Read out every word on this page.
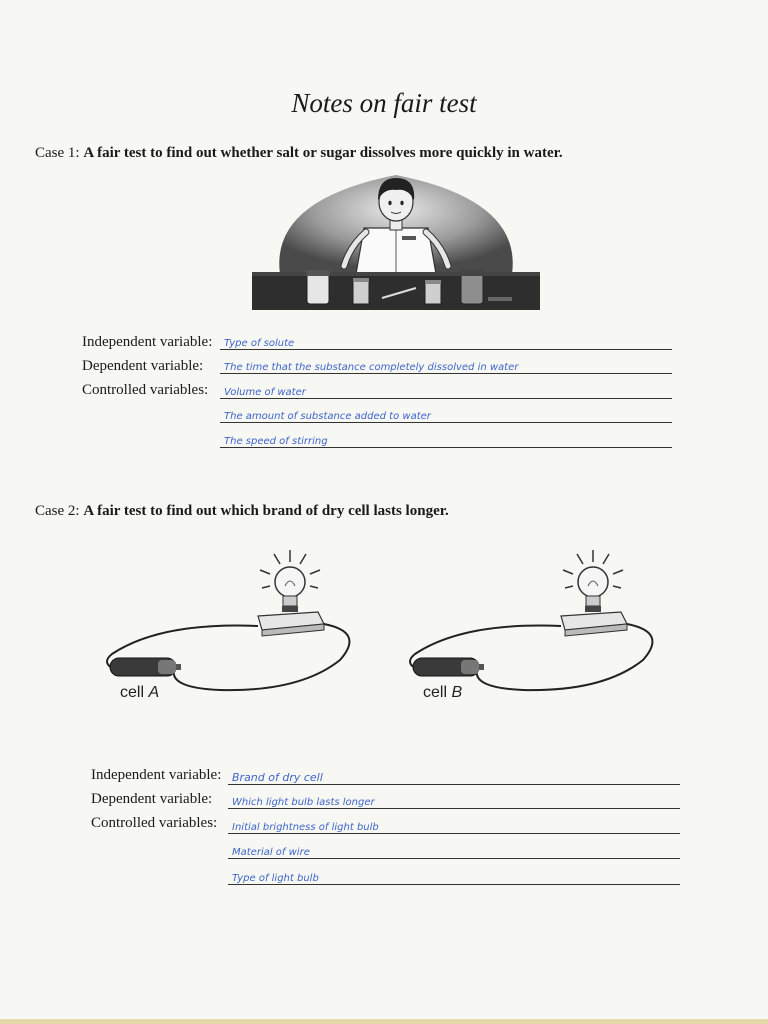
Notes on fair test
Case 1: A fair test to find out whether salt or sugar dissolves more quickly in water.
Independent variable: Type of solute
Dependent variable: The time that the substance completely dissolved in water
Controlled variables: Volume of water
The amount of substance added to water
The speed of stirring
Case 2: A fair test to find out which brand of dry cell lasts longer.
cell A	cell B
Independent variable: Brand of dry cell
Dependent variable: Which light bulb lasts longer
Controlled variables: Initial brightness of light bulb
Material of wire
Type of light bulb
